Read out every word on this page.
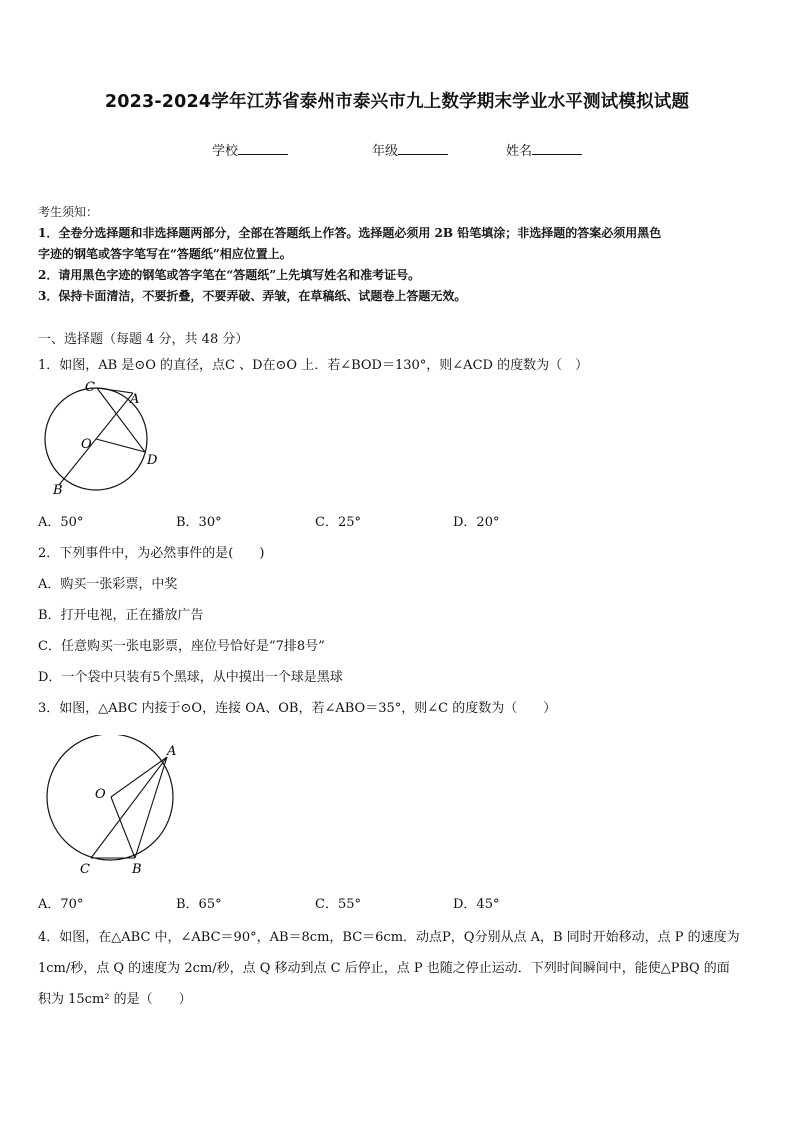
2023-2024学年江苏省泰州市泰兴市九上数学期末学业水平测试模拟试题
学校	年级	姓名
考生须知：
1．全卷分选择题和非选择题两部分，全部在答题纸上作答。选择题必须用 2B 铅笔填涂；非选择题的答案必须用黑色
字迹的钢笔或答字笔写在“答题纸”相应位置上。
2．请用黑色字迹的钢笔或答字笔在“答题纸”上先填写姓名和准考证号。
3．保持卡面清洁，不要折叠，不要弄破、弄皱，在草稿纸、试题卷上答题无效。
一、选择题（每题 4 分，共 48 分）
1．如图，AB 是⊙O 的直径，点C 、D在⊙O 上．若∠BOD＝130°，则∠ACD 的度数为（　）
C
A
O
D
B
A．50°	B．30°	C．25°	D．20°
2．下列事件中，为必然事件的是(　　)
A．购买一张彩票，中奖
B．打开电视，正在播放广告
C．任意购买一张电影票，座位号恰好是“7排8号”
D．一个袋中只装有5个黑球，从中摸出一个球是黑球
3．如图，△ABC 内接于⊙O，连接 OA、OB，若∠ABO＝35°，则∠C 的度数为（　　）
A
O
C	B
A．70°	B．65°	C．55°	D．45°
4．如图，在△ABC 中，∠ABC＝90°，AB＝8cm，BC＝6cm．动点P，Q分别从点 A，B 同时开始移动，点 P 的速度为
1cm/秒，点 Q 的速度为 2cm/秒，点 Q 移动到点 C 后停止，点 P 也随之停止运动．下列时间瞬间中，能使△PBQ 的面
积为 15cm² 的是（　　）
